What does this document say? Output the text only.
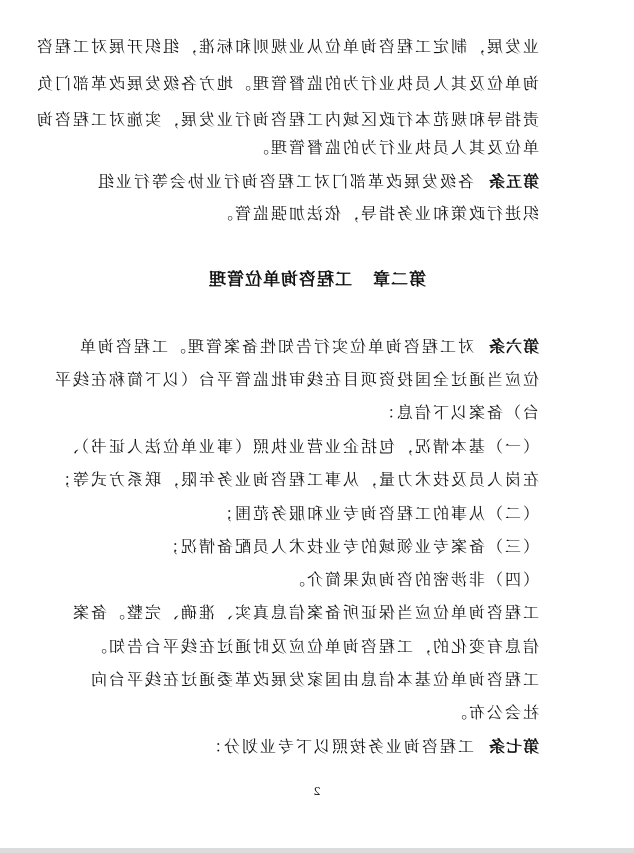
业发展，制定工程咨询单位从业规则和标准，组织开展对工程咨
询单位及其人员执业行为的监督管理。地方各级发展改革部门负
责指导和规范本行政区域内工程咨询行业发展，实施对工程咨询
单位及其人员执业行为的监督管理。
第五条各级发展改革部门对工程咨询行业协会等行业组
织进行政策和业务指导，依法加强监管。
第二章工程咨询单位管理
第六条对工程咨询单位实行告知性备案管理。工程咨询单
位应当通过全国投资项目在线审批监管平台（以下简称在线平
台）备案以下信息：
（一）基本情况，包括企业营业执照（事业单位法人证书）、
在岗人员及技术力量，从事工程咨询业务年限，联系方式等；
（二）从事的工程咨询专业和服务范围；
（三）备案专业领域的专业技术人员配备情况；
（四）非涉密的咨询成果简介。
工程咨询单位应当保证所备案信息真实、准确、完整。备案
信息有变化的，工程咨询单位应及时通过在线平台告知。
工程咨询单位基本信息由国家发展改革委通过在线平台向
社会公布。
第七条工程咨询业务按照以下专业划分：
2
